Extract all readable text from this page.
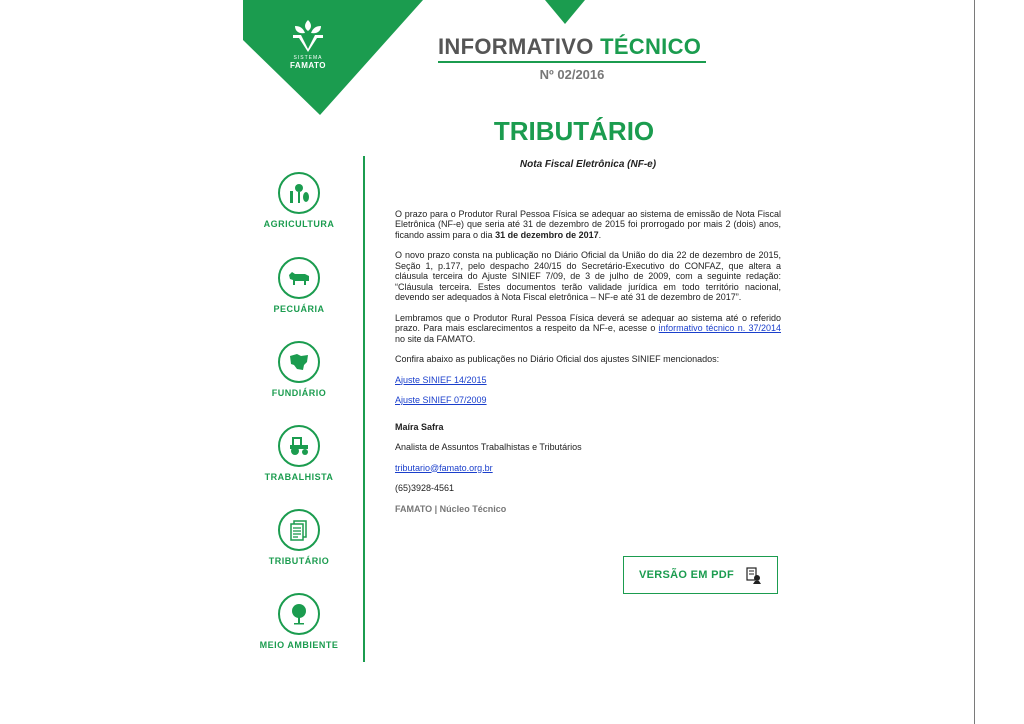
SISTEMA
FAMATO
INFORMATIVO TÉCNICO
Nº 02/2016
TRIBUTÁRIO
AGRICULTURA
PECUÁRIA
FUNDIÁRIO
TRABALHISTA
TRIBUTÁRIO
MEIO AMBIENTE
Nota Fiscal Eletrônica (NF-e)

O prazo para o Produtor Rural Pessoa Física se adequar ao sistema de emissão de Nota Fiscal Eletrônica (NF-e) que seria até 31 de dezembro de 2015 foi prorrogado por mais 2 (dois) anos, ficando assim para o dia 31 de dezembro de 2017.

O novo prazo consta na publicação no Diário Oficial da União do dia 22 de dezembro de 2015, Seção 1, p.177, pelo despacho 240/15 do Secretário-Executivo do CONFAZ, que altera a cláusula terceira do Ajuste SINIEF 7/09, de 3 de julho de 2009, com a seguinte redação: “Cláusula terceira. Estes documentos terão validade jurídica em todo território nacional, devendo ser adequados à Nota Fiscal eletrônica – NF-e até 31 de dezembro de 2017”.

Lembramos que o Produtor Rural Pessoa Física deverá se adequar ao sistema até o referido prazo. Para mais esclarecimentos a respeito da NF-e, acesse o informativo técnico n. 37/2014 no site da FAMATO.

Confira abaixo as publicações no Diário Oficial dos ajustes SINIEF mencionados:

Ajuste SINIEF 14/2015

Ajuste SINIEF 07/2009

Maíra Safra

Analista de Assuntos Trabalhistas e Tributários

tributario@famato.org.br

(65)3928-4561

FAMATO | Núcleo Técnico

VERSÃO EM PDF
